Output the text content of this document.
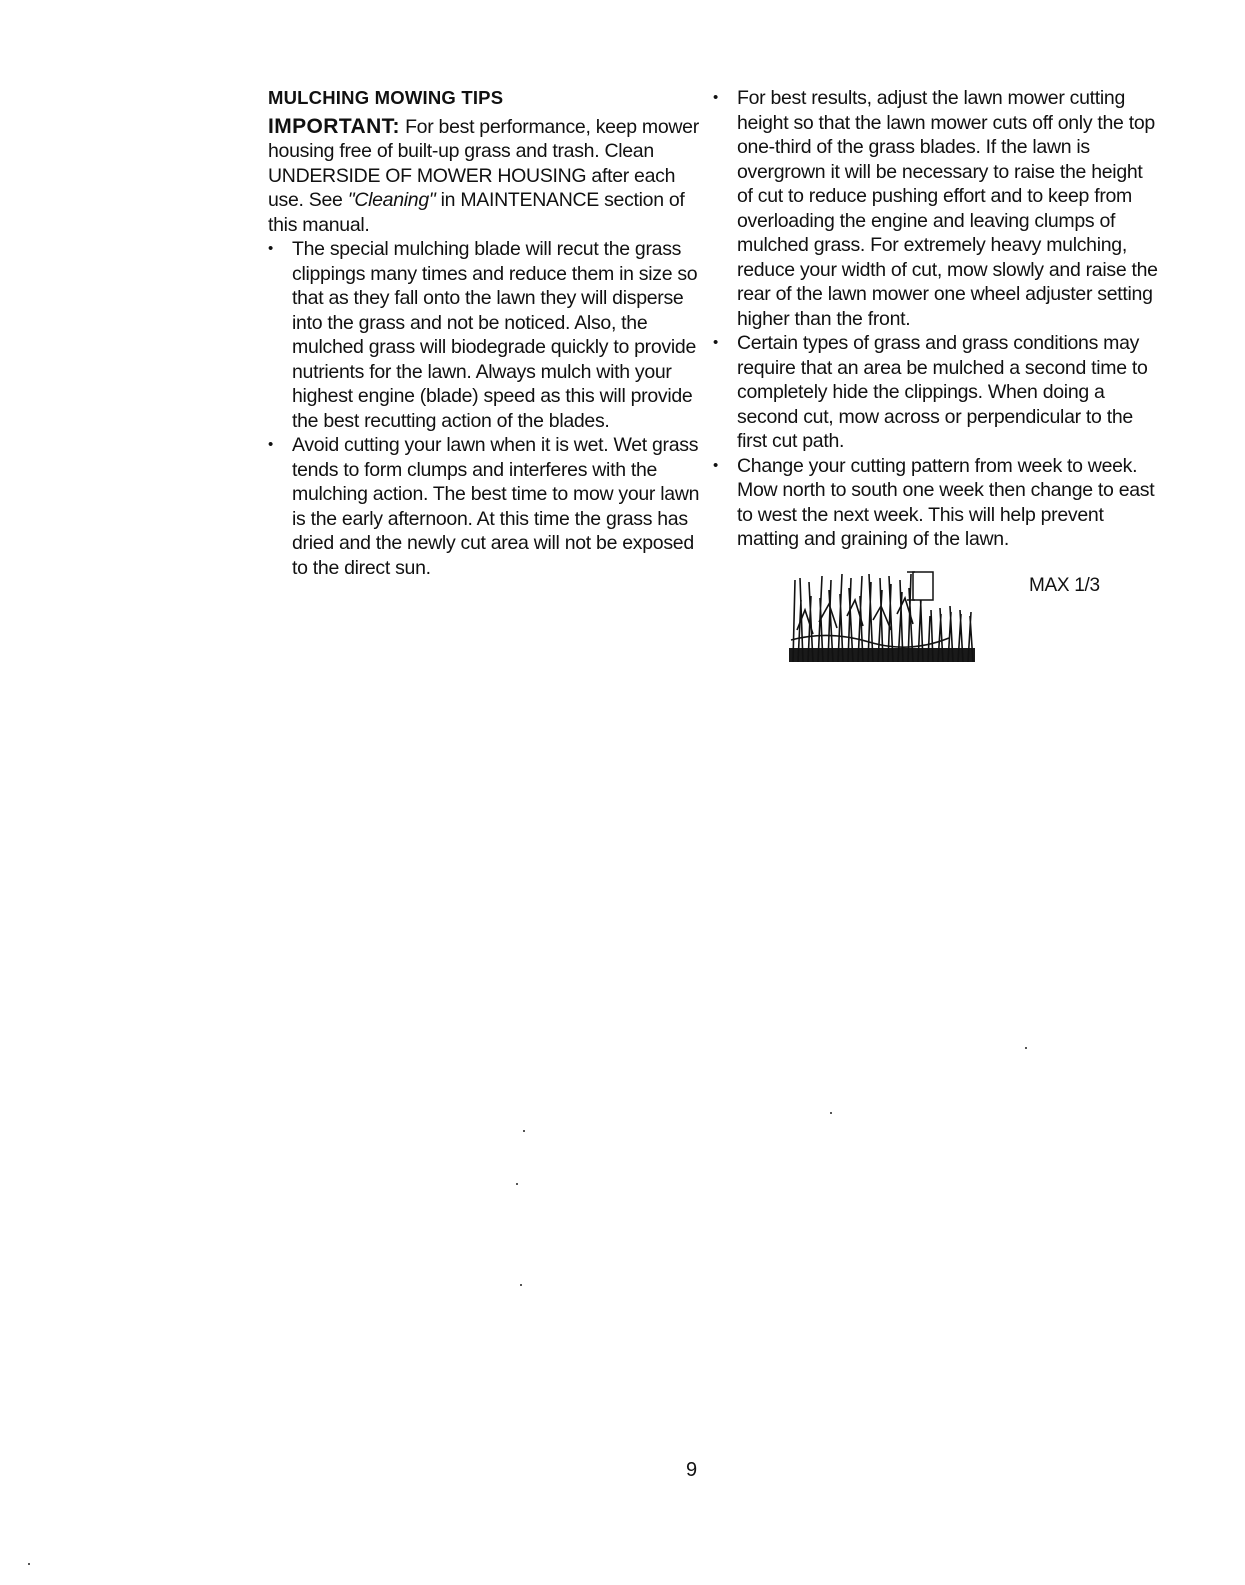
MULCHING MOWING TIPS

IMPORTANT: For best performance, keep mower housing free of built-up grass and trash. Clean UNDERSIDE OF MOWER HOUSING after each use. See "Cleaning" in MAINTENANCE section of this manual.

• The special mulching blade will recut the grass clippings many times and reduce them in size so that as they fall onto the lawn they will disperse into the grass and not be noticed. Also, the mulched grass will biodegrade quickly to provide nutrients for the lawn. Always mulch with your highest engine (blade) speed as this will provide the best recutting action of the blades.
• Avoid cutting your lawn when it is wet. Wet grass tends to form clumps and interferes with the mulching action. The best time to mow your lawn is the early afternoon. At this time the grass has dried and the newly cut area will not be exposed to the direct sun.
• For best results, adjust the lawn mower cutting height so that the lawn mower cuts off only the top one-third of the grass blades. If the lawn is overgrown it will be necessary to raise the height of cut to reduce pushing effort and to keep from overloading the engine and leaving clumps of mulched grass. For extremely heavy mulching, reduce your width of cut, mow slowly and raise the rear of the lawn mower one wheel adjuster setting higher than the front.
• Certain types of grass and grass conditions may require that an area be mulched a second time to completely hide the clippings. When doing a second cut, mow across or perpendicular to the first cut path.
• Change your cutting pattern from week to week. Mow north to south one week then change to east to west the next week. This will help prevent matting and graining of the lawn.
MAX 1/3
9
